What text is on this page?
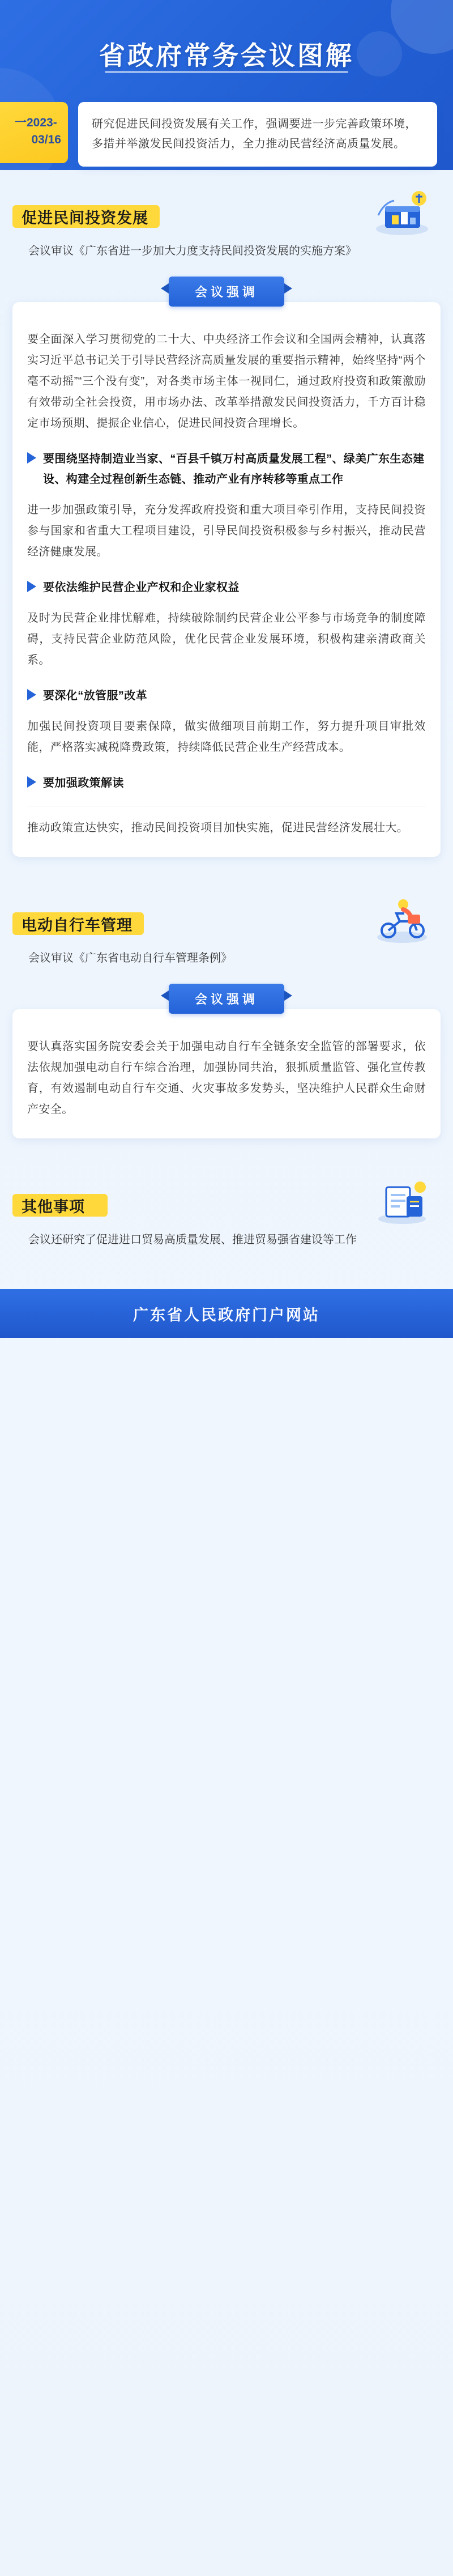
省政府常务会议图解
一2023-
03/16
研究促进民间投资发展有关工作，强调要进一步完善政策环境，多措并举激发民间投资活力，全力推动民营经济高质量发展。
促进民间投资发展
会议审议《广东省进一步加大力度支持民间投资发展的实施方案》
会议强调

要全面深入学习贯彻党的二十大、中央经济工作会议和全国两会精神，认真落实习近平总书记关于引导民营经济高质量发展的重要指示精神，始终坚持“两个毫不动摇”“三个没有变”，对各类市场主体一视同仁，通过政府投资和政策激励有效带动全社会投资，用市场办法、改革举措激发民间投资活力，千方百计稳定市场预期、提振企业信心，促进民间投资合理增长。

要围绕坚持制造业当家、“百县千镇万村高质量发展工程”、绿美广东生态建设、构建全过程创新生态链、推动产业有序转移等重点工作

进一步加强政策引导，充分发挥政府投资和重大项目牵引作用，支持民间投资参与国家和省重大工程项目建设，引导民间投资积极参与乡村振兴，推动民营经济健康发展。

要依法维护民营企业产权和企业家权益

及时为民营企业排忧解难，持续破除制约民营企业公平参与市场竞争的制度障碍，支持民营企业防范风险，优化民营企业发展环境，积极构建亲清政商关系。

要深化“放管服”改革

加强民间投资项目要素保障，做实做细项目前期工作，努力提升项目审批效能，严格落实减税降费政策，持续降低民营企业生产经营成本。

要加强政策解读

推动政策宣达快实，推动民间投资项目加快实施，促进民营经济发展壮大。

电动自行车管理
会议审议《广东省电动自行车管理条例》
会议强调

要认真落实国务院安委会关于加强电动自行车全链条安全监管的部署要求，依法依规加强电动自行车综合治理，加强协同共治，狠抓质量监管、强化宣传教育，有效遏制电动自行车交通、火灾事故多发势头，坚决维护人民群众生命财产安全。

其他事项
会议还研究了促进进口贸易高质量发展、推进贸易强省建设等工作
广东省人民政府门户网站
